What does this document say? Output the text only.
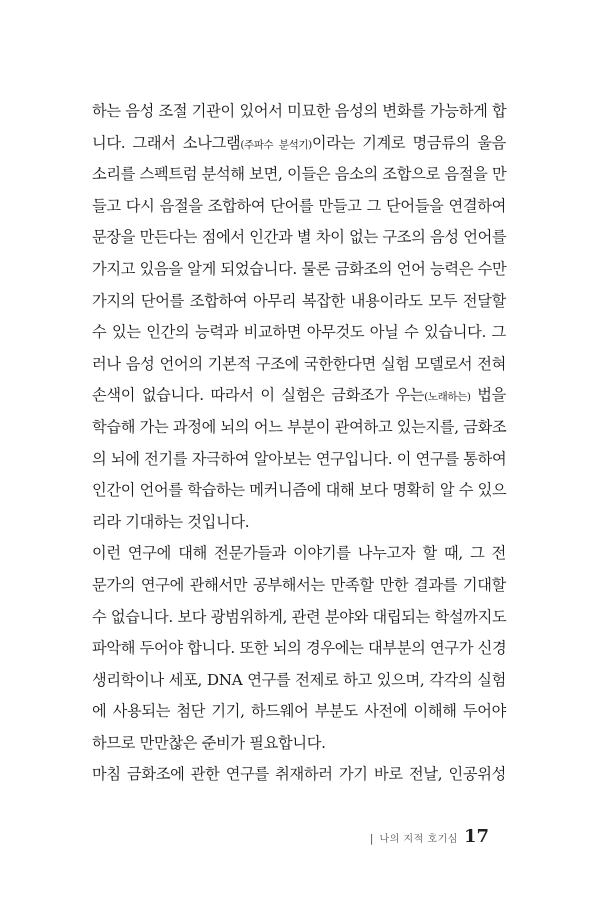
하는 음성 조절 기관이 있어서 미묘한 음성의 변화를 가능하게 합
니다. 그래서 소나그램(주파수 분석기)이라는 기계로 명금류의 울음
소리를 스펙트럼 분석해 보면, 이들은 음소의 조합으로 음절을 만
들고 다시 음절을 조합하여 단어를 만들고 그 단어들을 연결하여
문장을 만든다는 점에서 인간과 별 차이 없는 구조의 음성 언어를
가지고 있음을 알게 되었습니다. 물론 금화조의 언어 능력은 수만
가지의 단어를 조합하여 아무리 복잡한 내용이라도 모두 전달할
수 있는 인간의 능력과 비교하면 아무것도 아닐 수 있습니다. 그
러나 음성 언어의 기본적 구조에 국한한다면 실험 모델로서 전혀
손색이 없습니다. 따라서 이 실험은 금화조가 우는(노래하는) 법을
학습해 가는 과정에 뇌의 어느 부분이 관여하고 있는지를, 금화조
의 뇌에 전기를 자극하여 알아보는 연구입니다. 이 연구를 통하여
인간이 언어를 학습하는 메커니즘에 대해 보다 명확히 알 수 있으
리라 기대하는 것입니다.
이런 연구에 대해 전문가들과 이야기를 나누고자 할 때, 그 전
문가의 연구에 관해서만 공부해서는 만족할 만한 결과를 기대할
수 없습니다. 보다 광범위하게, 관련 분야와 대립되는 학설까지도
파악해 두어야 합니다. 또한 뇌의 경우에는 대부분의 연구가 신경
생리학이나 세포, DNA 연구를 전제로 하고 있으며, 각각의 실험
에 사용되는 첨단 기기, 하드웨어 부분도 사전에 이해해 두어야
하므로 만만찮은 준비가 필요합니다.
마침 금화조에 관한 연구를 취재하러 가기 바로 전날, 인공위성
| 나의 지적 호기심 17
